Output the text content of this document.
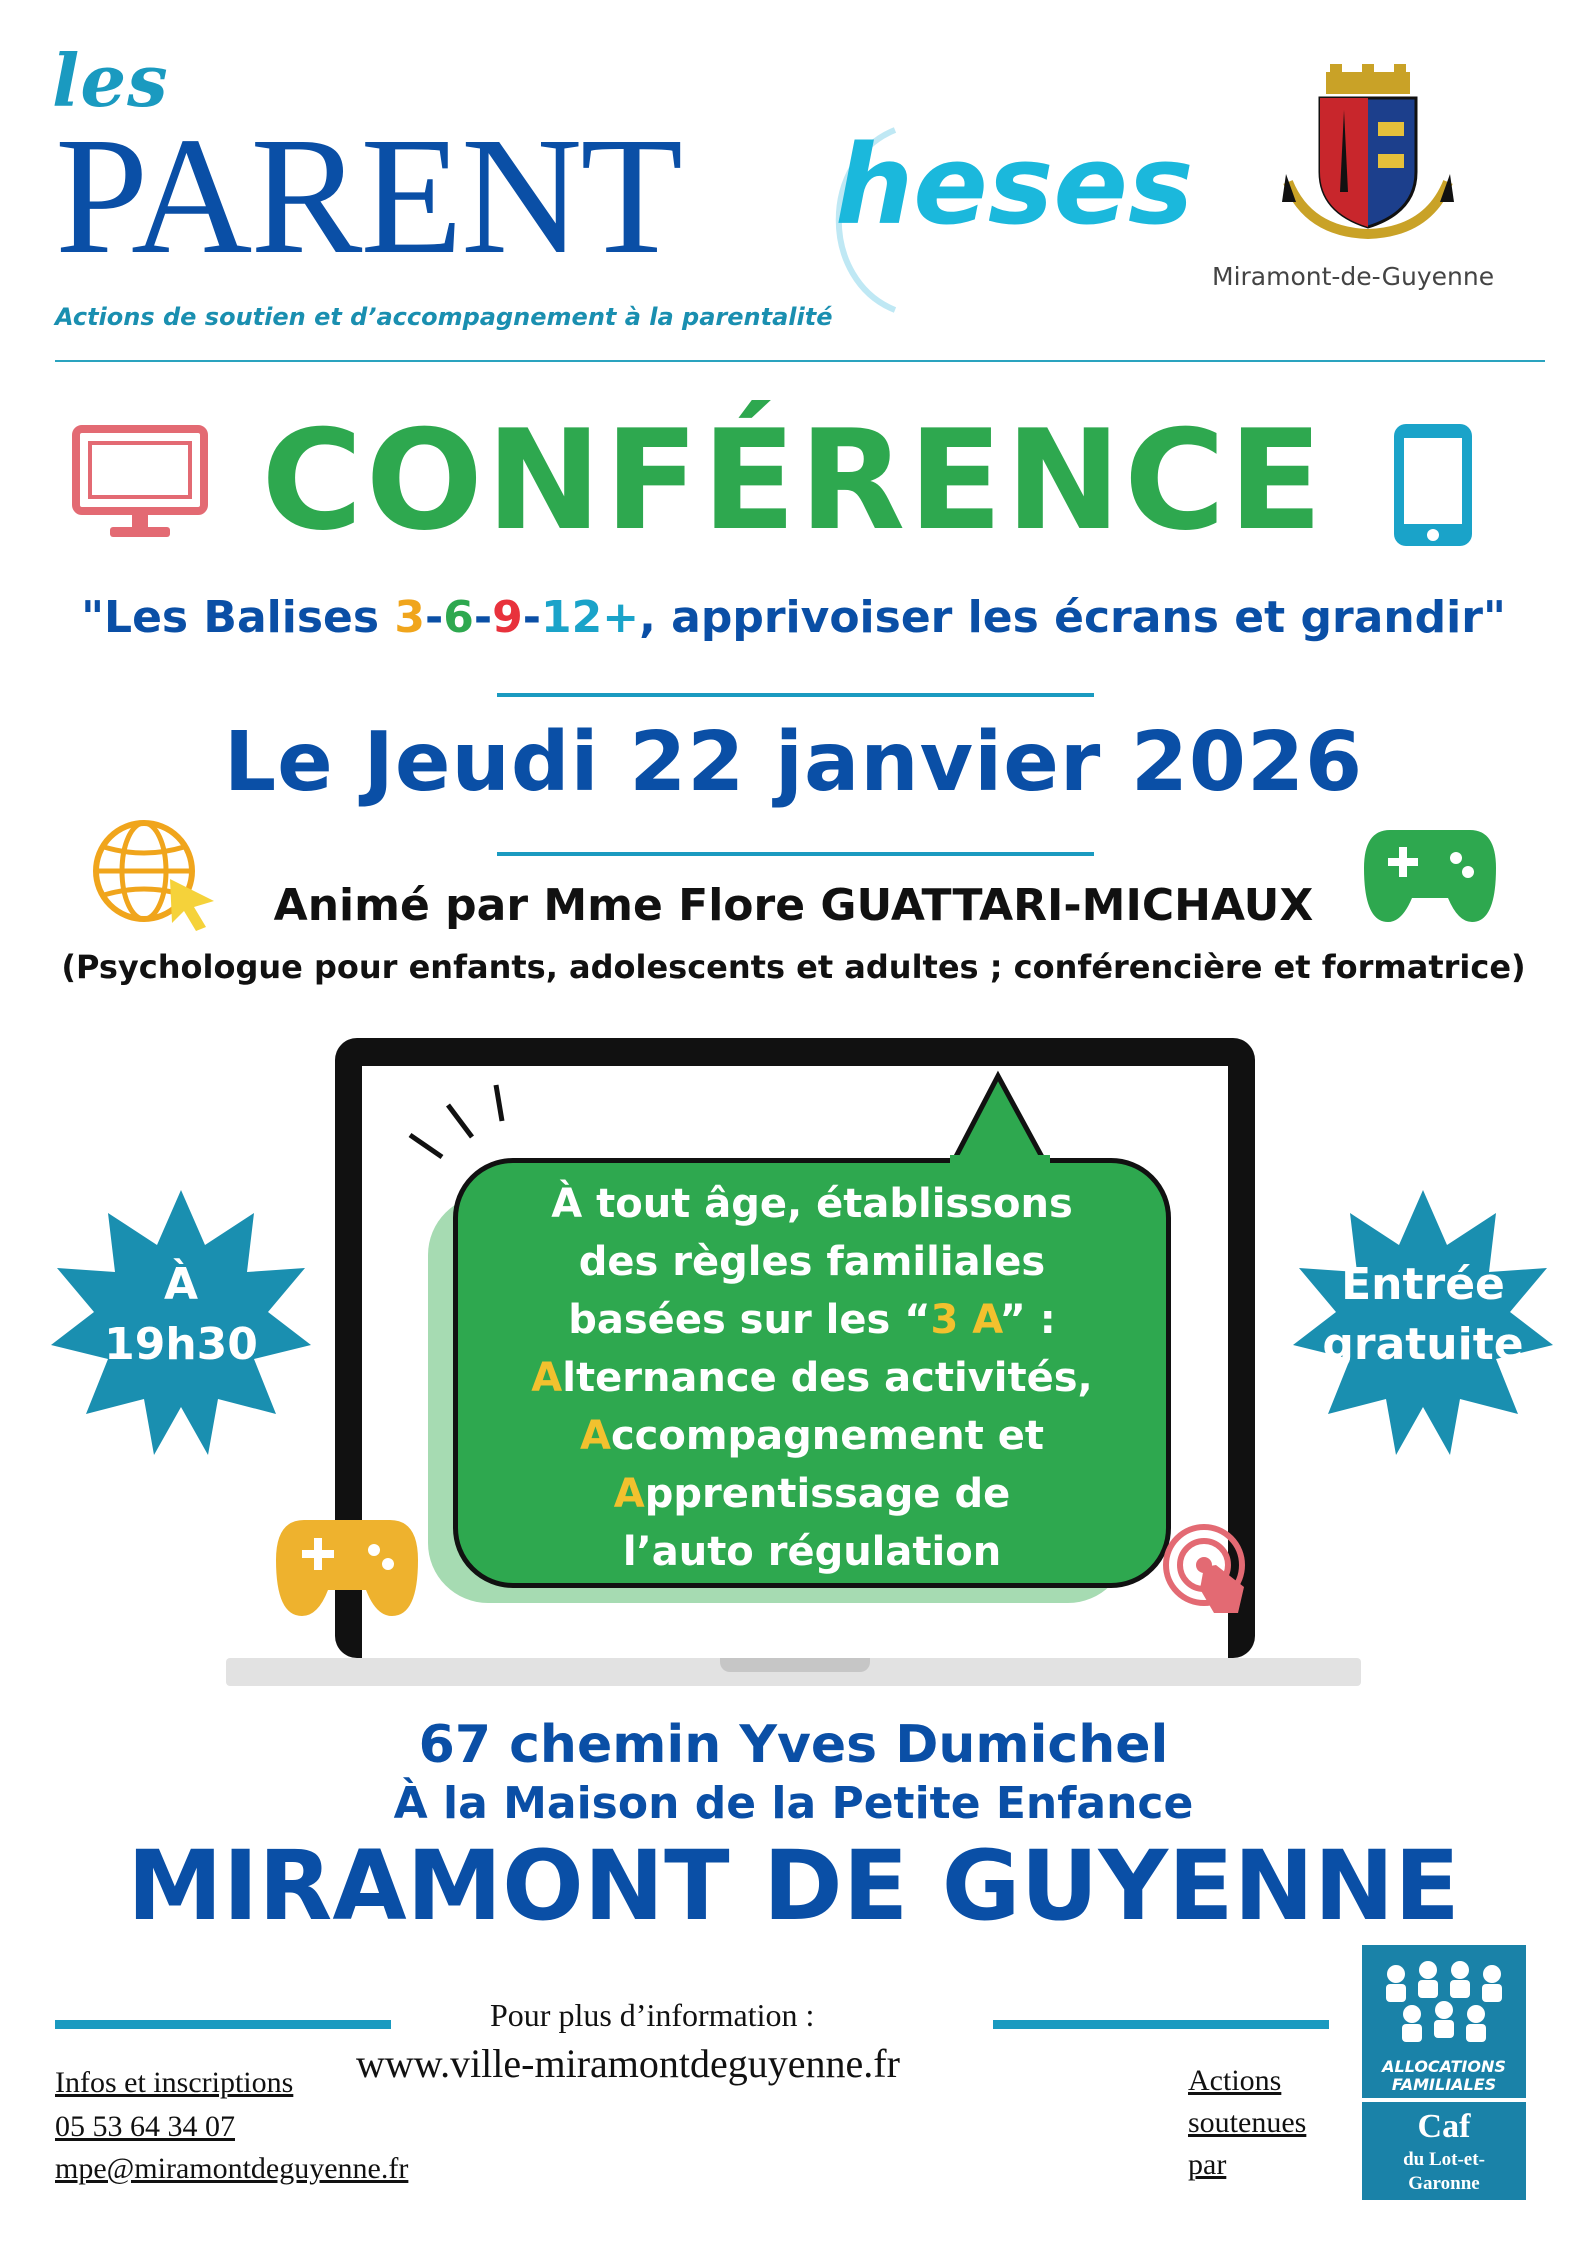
les
PARENT heses
Actions de soutien et d’accompagnement à la parentalité
Miramont-de-Guyenne
CONFÉRENCE
"Les Balises 3-6-9-12+, apprivoiser les écrans et grandir"
Le Jeudi 22 janvier 2026
Animé par Mme Flore GUATTARI-MICHAUX
(Psychologue pour enfants, adolescents et adultes ; conférencière et formatrice)
À tout âge, établissons
des règles familiales
basées sur les “3 A” :
Alternance des activités,
Accompagnement et
Apprentissage de
l’auto régulation
À
19h30
Entrée
gratuite
67 chemin Yves Dumichel
À la Maison de la Petite Enfance
MIRAMONT DE GUYENNE
Pour plus d’information :
www.ville-miramontdeguyenne.fr
Infos et inscriptions
05 53 64 34 07
mpe@miramontdeguyenne.fr
Actions
soutenues
par
ALLOCATIONS
FAMILIALES
Caf
du Lot-et-
Garonne
